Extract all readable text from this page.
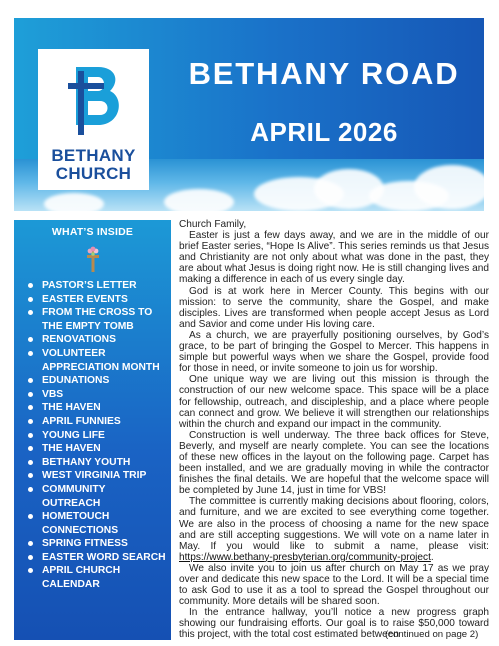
BETHANY
CHURCH
BETHANY ROAD
APRIL 2026
WHAT’S INSIDE
PASTOR’S LETTER
EASTER EVENTS
FROM THE CROSS TO THE EMPTY TOMB
RENOVATIONS
VOLUNTEER APPRECIATION MONTH
EDUNATIONS
VBS
THE HAVEN
APRIL FUNNIES
YOUNG LIFE
THE HAVEN
BETHANY YOUTH
WEST VIRGINIA TRIP
COMMUNITY OUTREACH
HOMETOUCH CONNECTIONS
SPRING FITNESS
EASTER WORD SEARCH
APRIL CHURCH CALENDAR

Church Family,

Easter is just a few days away, and we are in the middle of our brief Easter series, “Hope Is Alive”. This series reminds us that Jesus and Christianity are not only about what was done in the past, they are about what Jesus is doing right now. He is still changing lives and making a difference in each of us every single day.

God is at work here in Mercer County. This begins with our mission: to serve the community, share the Gospel, and make disciples. Lives are transformed when people accept Jesus as Lord and Savior and come under His loving care.

As a church, we are prayerfully positioning ourselves, by God’s grace, to be part of bringing the Gospel to Mercer. This happens in simple but powerful ways when we share the Gospel, provide food for those in need, or invite someone to join us for worship.

One unique way we are living out this mission is through the construction of our new welcome space. This space will be a place for fellowship, outreach, and discipleship, and a place where people can connect and grow. We believe it will strengthen our relationships within the church and expand our impact in the community.

Construction is well underway. The three back offices for Steve, Beverly, and myself are nearly complete. You can see the locations of these new offices in the layout on the following page. Carpet has been installed, and we are gradually moving in while the contractor finishes the final details. We are hopeful that the welcome space will be completed by June 14, just in time for VBS!

The committee is currently making decisions about flooring, colors, and furniture, and we are excited to see everything come together. We are also in the process of choosing a name for the new space and are still accepting suggestions. We will vote on a name later in May. If you would like to submit a name, please visit: https://www.bethany-presbyterian.org/community-project.

We also invite you to join us after church on May 17 as we pray over and dedicate this new space to the Lord. It will be a special time to ask God to use it as a tool to spread the Gospel throughout our community. More details will be shared soon.

In the entrance hallway, you’ll notice a new progress graph showing our fundraising efforts. Our goal is to raise $50,000 toward this project, with the total cost estimated between

(continued on page 2)
